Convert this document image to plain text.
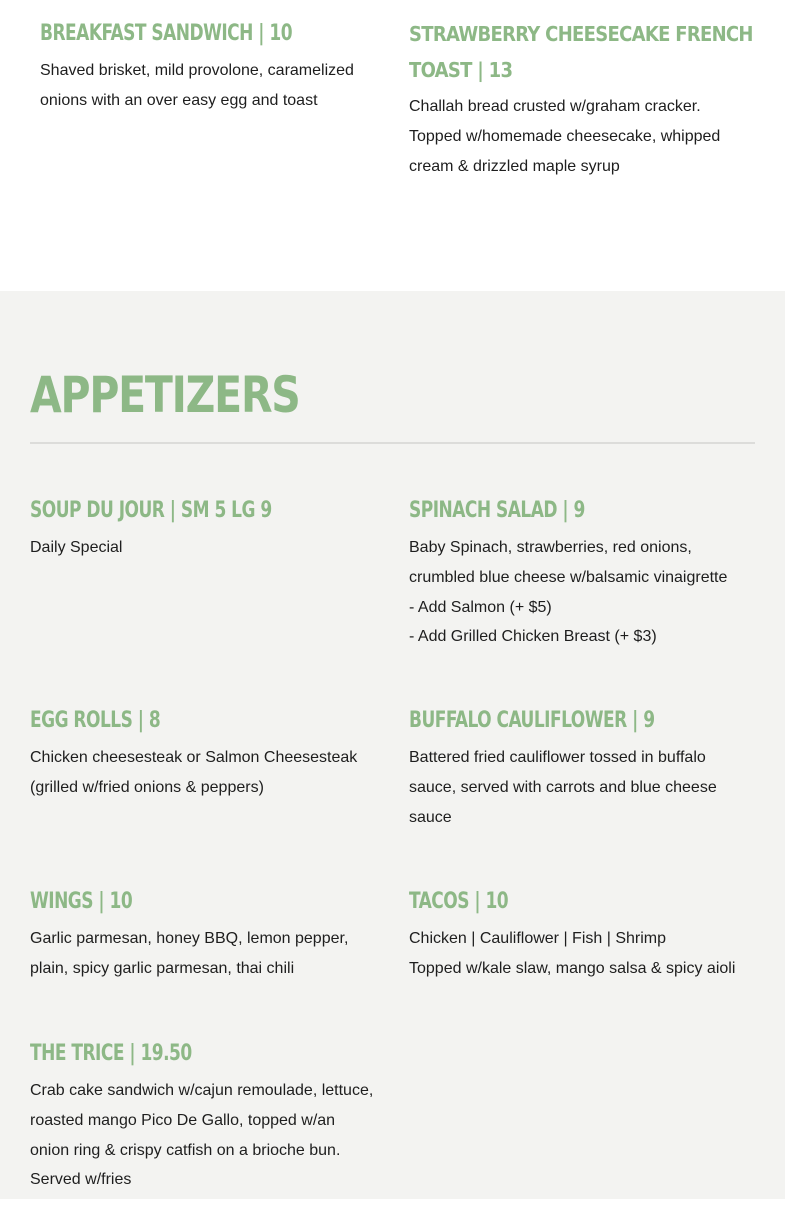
BREAKFAST SANDWICH | 10

Shaved brisket, mild provolone, caramelized
onions with an over easy egg and toast

STRAWBERRY CHEESECAKE FRENCH TOAST | 13

Challah bread crusted w/graham cracker.
Topped w/homemade cheesecake, whipped
cream & drizzled maple syrup

APPETIZERS
SOUP DU JOUR | SM 5 LG 9

Daily Special

SPINACH SALAD | 9

Baby Spinach, strawberries, red onions,
crumbled blue cheese w/balsamic vinaigrette
- Add Salmon (+ $5)
- Add Grilled Chicken Breast (+ $3)

EGG ROLLS | 8

Chicken cheesesteak or Salmon Cheesesteak
(grilled w/fried onions & peppers)

BUFFALO CAULIFLOWER | 9

Battered fried cauliflower tossed in buffalo
sauce, served with carrots and blue cheese
sauce

WINGS | 10

Garlic parmesan, honey BBQ, lemon pepper,
plain, spicy garlic parmesan, thai chili

TACOS | 10

Chicken | Cauliflower | Fish | Shrimp
Topped w/kale slaw, mango salsa & spicy aioli

THE TRICE | 19.50

Crab cake sandwich w/cajun remoulade, lettuce,
roasted mango Pico De Gallo, topped w/an
onion ring & crispy catfish on a brioche bun.
Served w/fries
